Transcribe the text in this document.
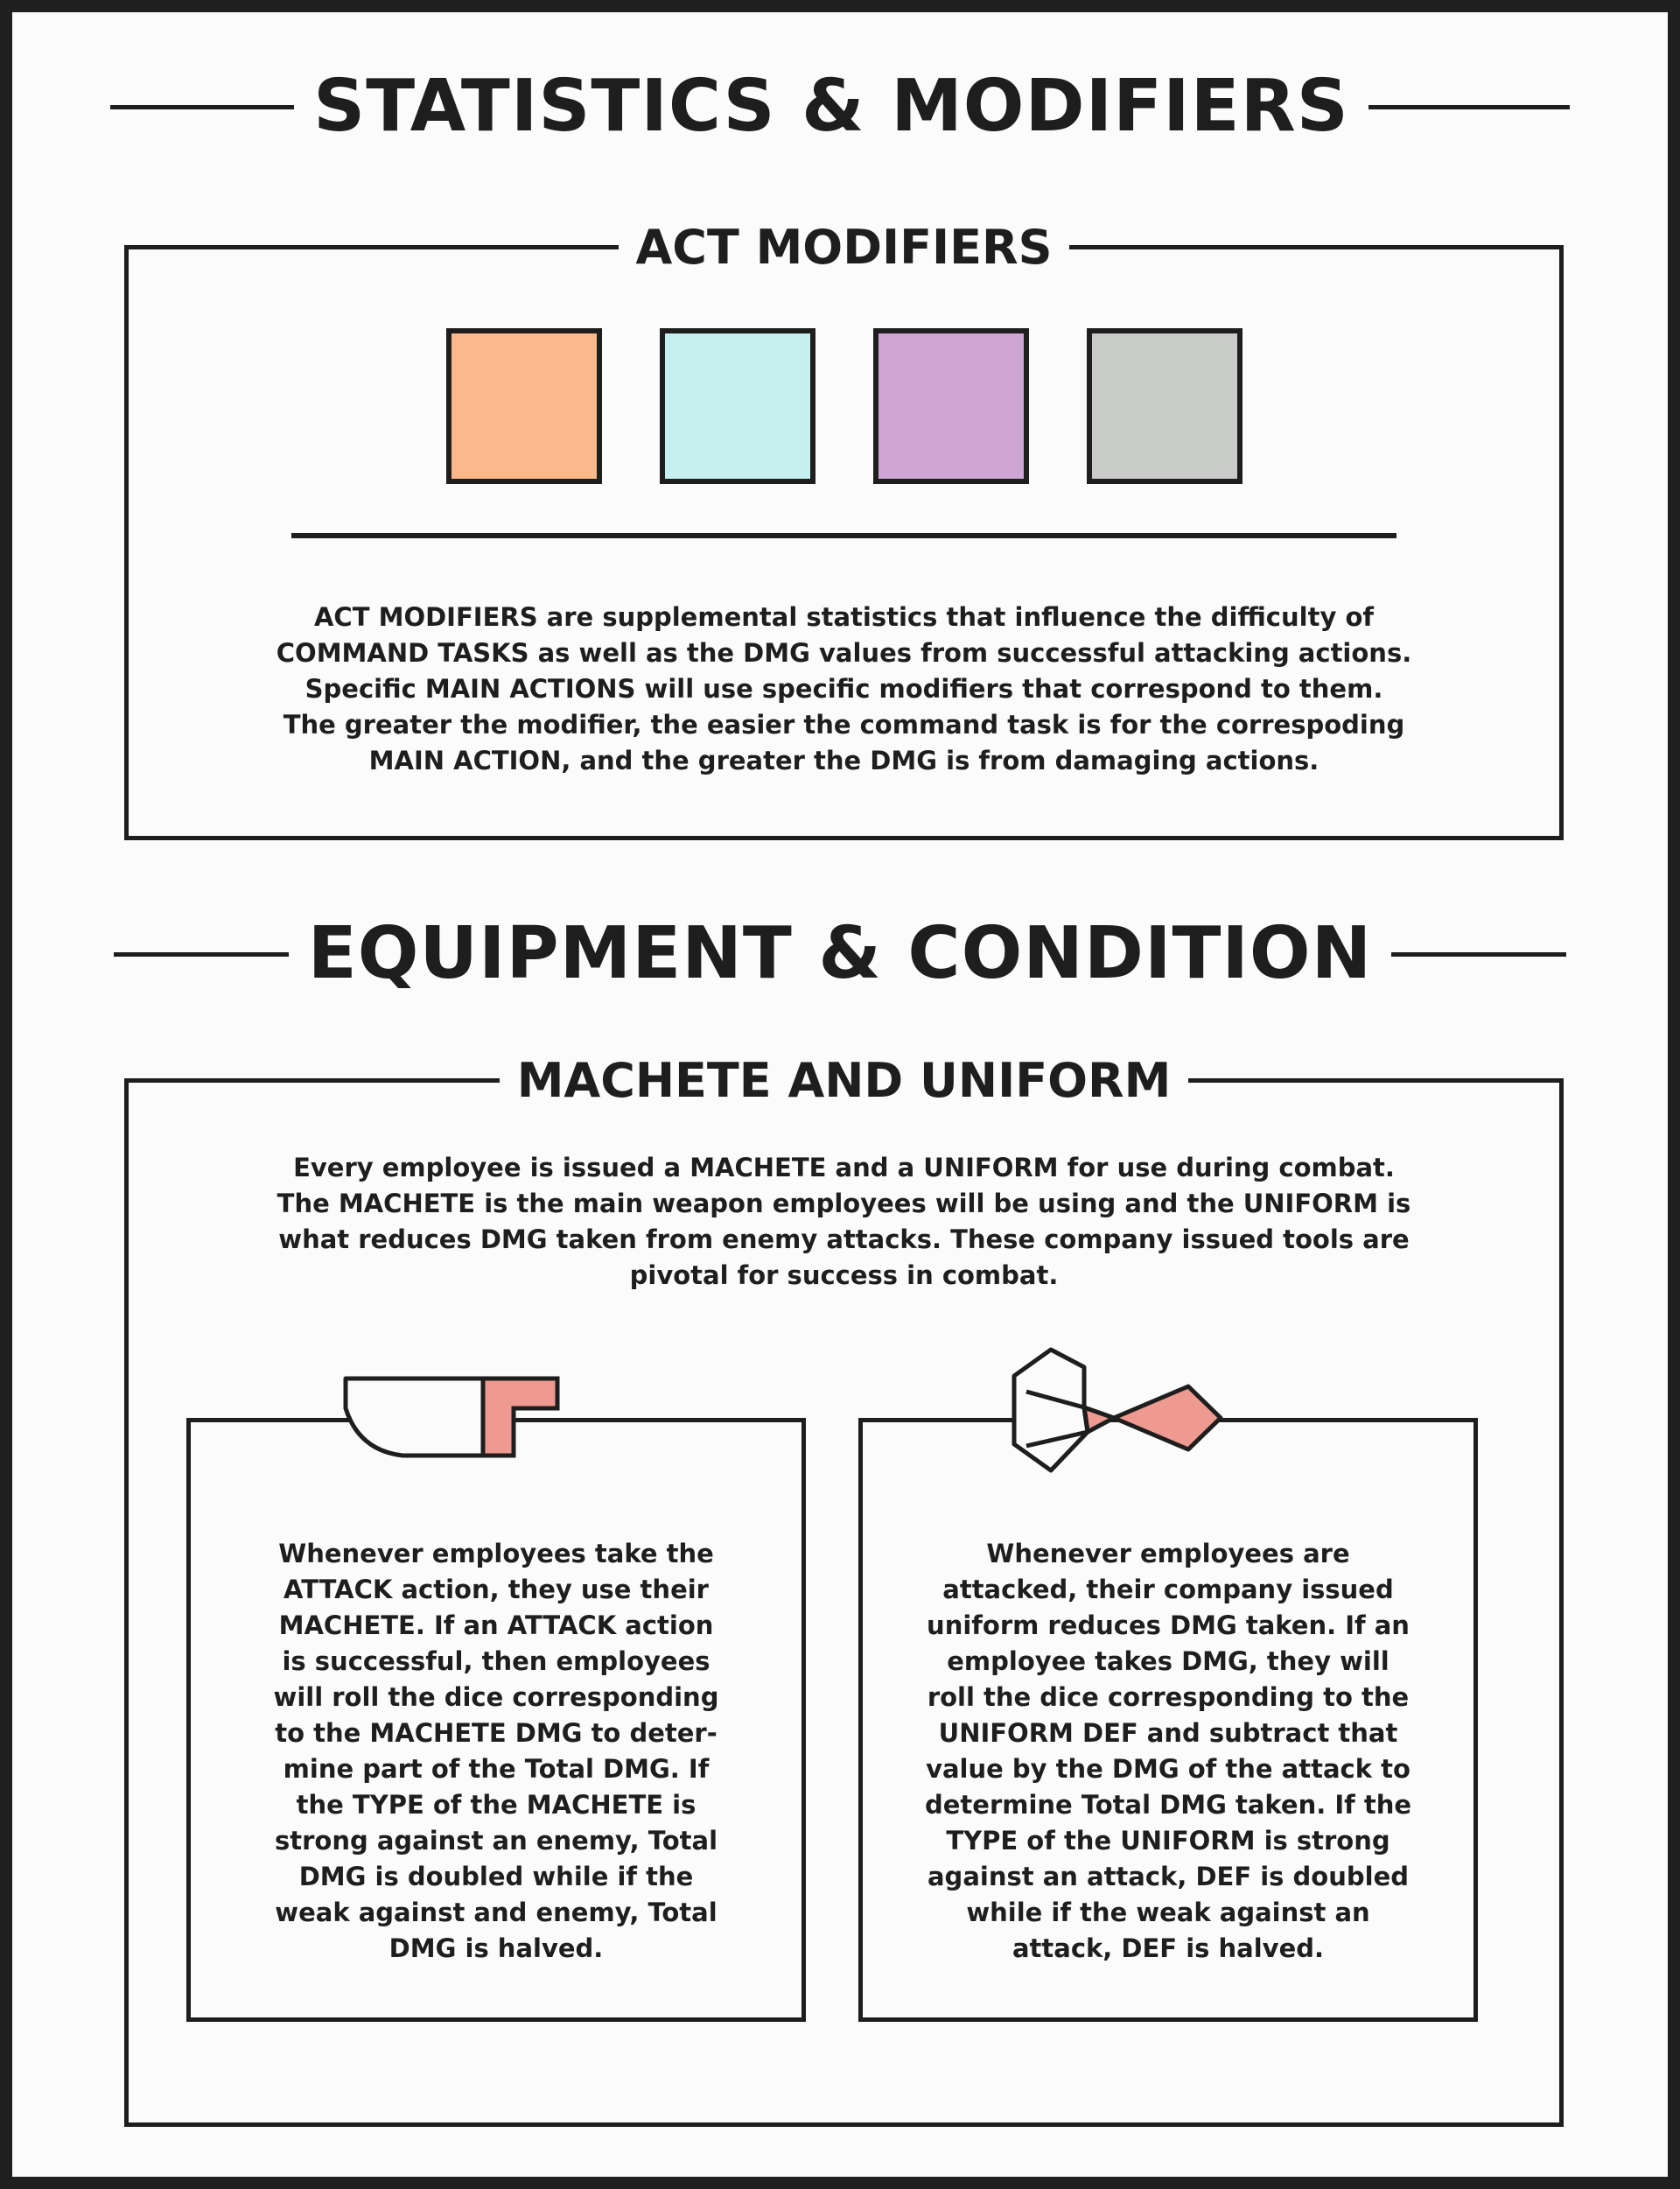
STATISTICS & MODIFIERS
ACT MODIFIERS
ACT MODIFIERS are supplemental statistics that influence the difficulty of
COMMAND TASKS as well as the DMG values from successful attacking actions.
Specific MAIN ACTIONS will use specific modifiers that correspond to them.
The greater the modifier, the easier the command task is for the correspoding
MAIN ACTION, and the greater the DMG is from damaging actions.
EQUIPMENT & CONDITION
MACHETE AND UNIFORM
Every employee is issued a MACHETE and a UNIFORM for use during combat.
The MACHETE is the main weapon employees will be using and the UNIFORM is
what reduces DMG taken from enemy attacks. These company issued tools are
pivotal for success in combat.
Whenever employees take the
ATTACK action, they use their
MACHETE. If an ATTACK action
is successful, then employees
will roll the dice corresponding
to the MACHETE DMG to deter-
mine part of the Total DMG. If
the TYPE of the MACHETE is
strong against an enemy, Total
DMG is doubled while if the
weak against and enemy, Total
DMG is halved.
Whenever employees are
attacked, their company issued
uniform reduces DMG taken. If an
employee takes DMG, they will
roll the dice corresponding to the
UNIFORM DEF and subtract that
value by the DMG of the attack to
determine Total DMG taken. If the
TYPE of the UNIFORM is strong
against an attack, DEF is doubled
while if the weak against an
attack, DEF is halved.
